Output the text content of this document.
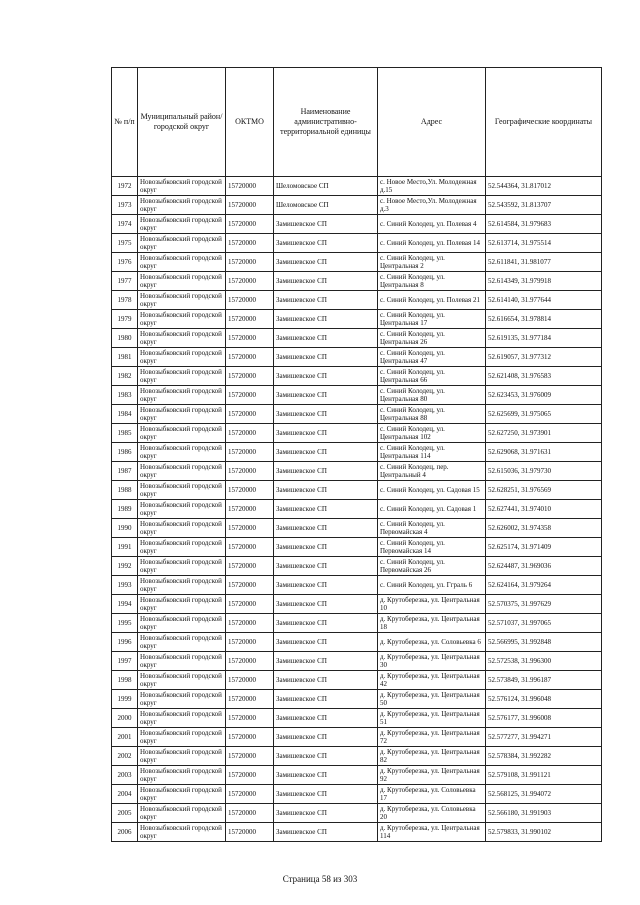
№ п/п	Муниципальный район/городской округ	ОКТМО	Наименование административно-территориальной единицы	Адрес	Географические координаты
1972	Новозыбковский городской округ	15720000	Шеломовское СП	с. Новое Место,Ул. Молодежная д.15	52.544364, 31.817012
1973	Новозыбковский городской округ	15720000	Шеломовское СП	с. Новое Место,Ул. Молодежная д.3	52.543592, 31.813707
1974	Новозыбковский городской округ	15720000	Замишевское СП	с. Синий Колодец, ул. Полевая 4	52.614584, 31.979683
1975	Новозыбковский городской округ	15720000	Замишевское СП	с. Синий Колодец, ул. Полевая 14	52.613714, 31.975514
1976	Новозыбковский городской округ	15720000	Замишевское СП	с. Синий Колодец, ул. Центральная 2	52.611841, 31.981077
1977	Новозыбковский городской округ	15720000	Замишевское СП	с. Синий Колодец, ул. Центральная 8	52.614349, 31.979918
1978	Новозыбковский городской округ	15720000	Замишевское СП	с. Синий Колодец, ул. Полевая 21	52.614140, 31.977644
1979	Новозыбковский городской округ	15720000	Замишевское СП	с. Синий Колодец, ул. Центральная 17	52.616654, 31.978814
1980	Новозыбковский городской округ	15720000	Замишевское СП	с. Синий Колодец, ул. Центральная 26	52.619135, 31.977184
1981	Новозыбковский городской округ	15720000	Замишевское СП	с. Синий Колодец, ул. Центральная 47	52.619057, 31.977312
1982	Новозыбковский городской округ	15720000	Замишевское СП	с. Синий Колодец, ул. Центральная 66	52.621408, 31.976583
1983	Новозыбковский городской округ	15720000	Замишевское СП	с. Синий Колодец, ул. Центральная 80	52.623453, 31.976009
1984	Новозыбковский городской округ	15720000	Замишевское СП	с. Синий Колодец, ул. Центральная 88	52.625699, 31.975065
1985	Новозыбковский городской округ	15720000	Замишевское СП	с. Синий Колодец, ул. Центральная 102	52.627250, 31.973901
1986	Новозыбковский городской округ	15720000	Замишевское СП	с. Синий Колодец, ул. Центральная 114	52.629068, 31.971631
1987	Новозыбковский городской округ	15720000	Замишевское СП	с. Синий Колодец, пер. Центральный 4	52.615036, 31.979730
1988	Новозыбковский городской округ	15720000	Замишевское СП	с. Синий Колодец, ул. Садовая 15	52.628251, 31.976569
1989	Новозыбковский городской округ	15720000	Замишевское СП	с. Синий Колодец, ул. Садовая 1	52.627441, 31.974010
1990	Новозыбковский городской округ	15720000	Замишевское СП	с. Синий Колодец, ул. Первомайская 4	52.626002, 31.974358
1991	Новозыбковский городской округ	15720000	Замишевское СП	с. Синий Колодец, ул. Первомайская 14	52.625174, 31.971409
1992	Новозыбковский городской округ	15720000	Замишевское СП	с. Синий Колодец, ул. Первомайская 26	52.624487, 31.969036
1993	Новозыбковский городской округ	15720000	Замишевское СП	с. Синий Колодец, ул. Гграль 6	52.624164, 31.979264
1994	Новозыбковский городской округ	15720000	Замишевское СП	д. Крутоберезка, ул. Центральная 10	52.570375, 31.997629
1995	Новозыбковский городской округ	15720000	Замишевское СП	д. Крутоберезка, ул. Центральная 18	52.571037, 31.997065
1996	Новозыбковский городской округ	15720000	Замишевское СП	д. Крутоберезка, ул. Соловьевка 6	52.566995, 31.992848
1997	Новозыбковский городской округ	15720000	Замишевское СП	д. Крутоберезка, ул. Центральная 30	52.572538, 31.996300
1998	Новозыбковский городской округ	15720000	Замишевское СП	д. Крутоберезка, ул. Центральная 42	52.573849, 31.996187
1999	Новозыбковский городской округ	15720000	Замишевское СП	д. Крутоберезка, ул. Центральная 50	52.576124, 31.996048
2000	Новозыбковский городской округ	15720000	Замишевское СП	д. Крутоберезка, ул. Центральная 51	52.576177, 31.996008
2001	Новозыбковский городской округ	15720000	Замишевское СП	д. Крутоберезка, ул. Центральная 72	52.577277, 31.994271
2002	Новозыбковский городской округ	15720000	Замишевское СП	д. Крутоберезка, ул. Центральная 82	52.578384, 31.992282
2003	Новозыбковский городской округ	15720000	Замишевское СП	д. Крутоберезка, ул. Центральная 92	52.579108, 31.991121
2004	Новозыбковский городской округ	15720000	Замишевское СП	д. Крутоберезка, ул. Соловьевка 17	52.568125, 31.994072
2005	Новозыбковский городской округ	15720000	Замишевское СП	д. Крутоберезка, ул. Соловьевка 20	52.566180, 31.991903
2006	Новозыбковский городской округ	15720000	Замишевское СП	д. Крутоберезка, ул. Центральная 114	52.579833, 31.990102
Страница 58 из 303
